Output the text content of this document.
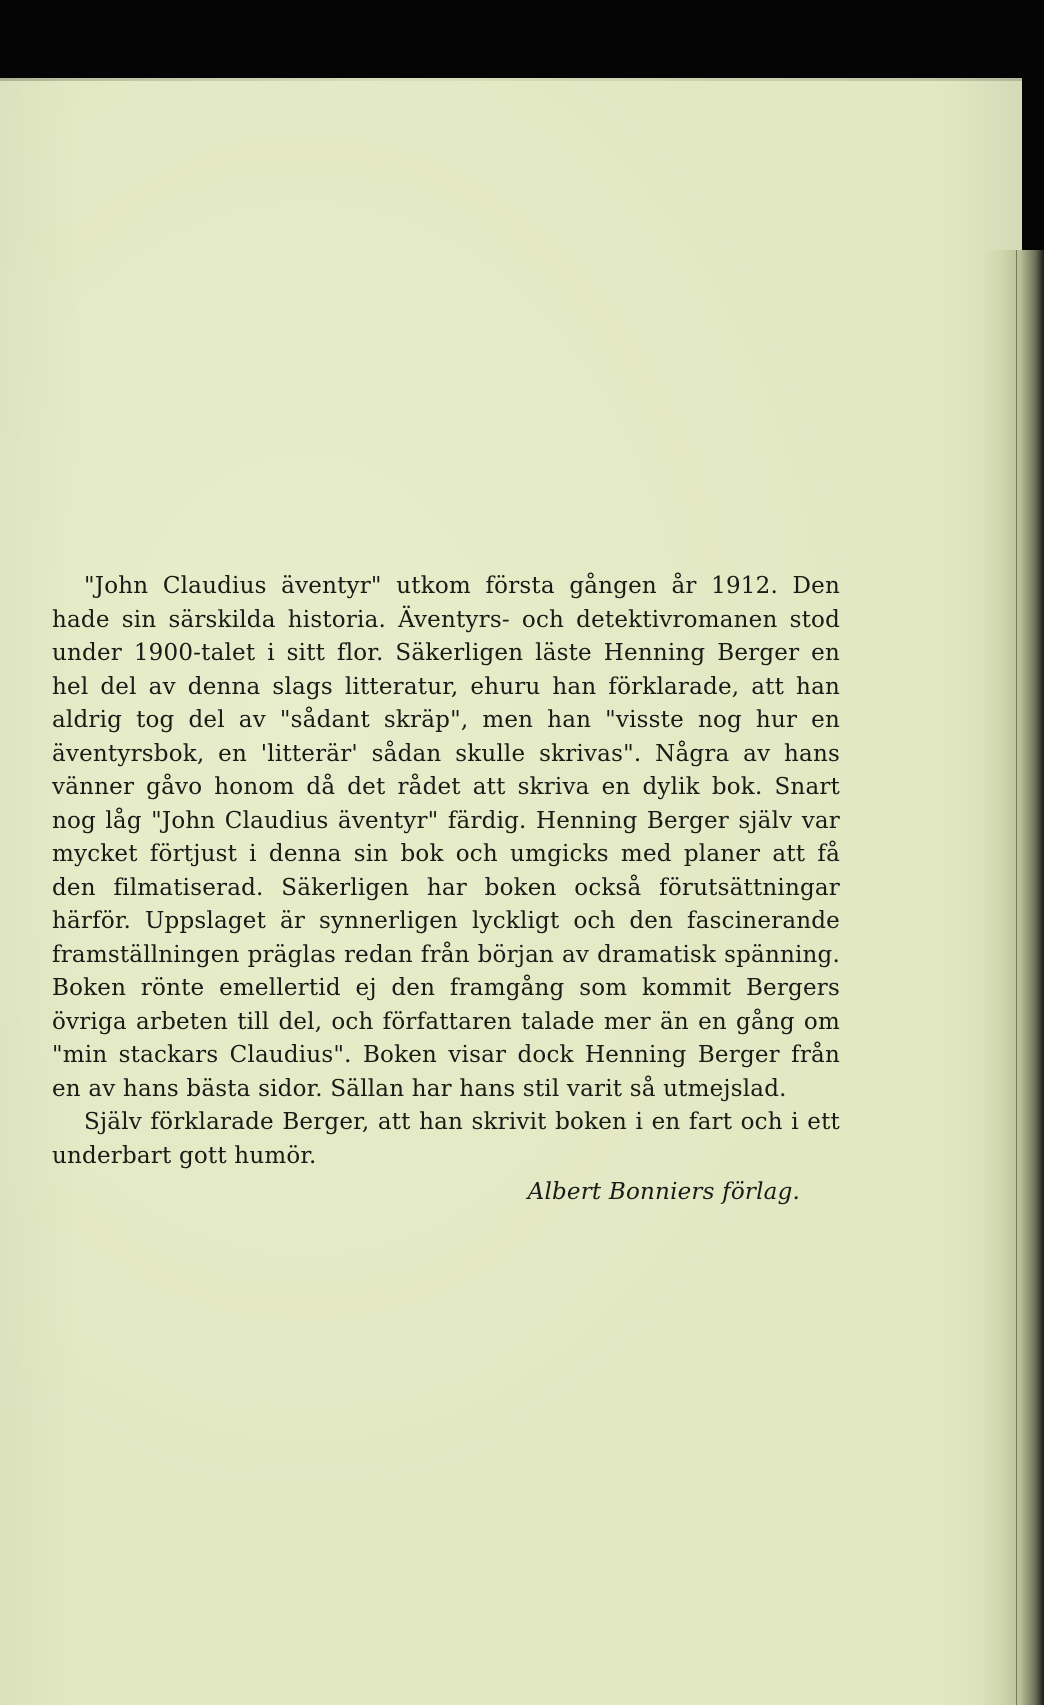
"John Claudius äventyr" utkom första gången år 1912. Den hade sin särskilda historia. Äventyrs- och detektivromanen stod under 1900-talet i sitt flor. Säkerligen läste Henning Berger en hel del av denna slags litteratur, ehuru han förklarade, att han aldrig tog del av "sådant skräp", men han "visste nog hur en äventyrsbok, en 'litterär' sådan skulle skrivas". Några av hans vänner gåvo honom då det rådet att skriva en dylik bok. Snart nog låg "John Claudius äventyr" färdig. Henning Berger själv var mycket förtjust i denna sin bok och umgicks med planer att få den filmatiserad. Säkerligen har boken också förutsättningar härför. Uppslaget är synnerligen lyckligt och den fascinerande framställningen präglas redan från början av dramatisk spänning. Boken rönte emellertid ej den framgång som kommit Bergers övriga arbeten till del, och författaren talade mer än en gång om "min stackars Claudius". Boken visar dock Henning Berger från en av hans bästa sidor. Sällan har hans stil varit så utmejslad.

Själv förklarade Berger, att han skrivit boken i en fart och i ett underbart gott humör.

Albert Bonniers förlag.
